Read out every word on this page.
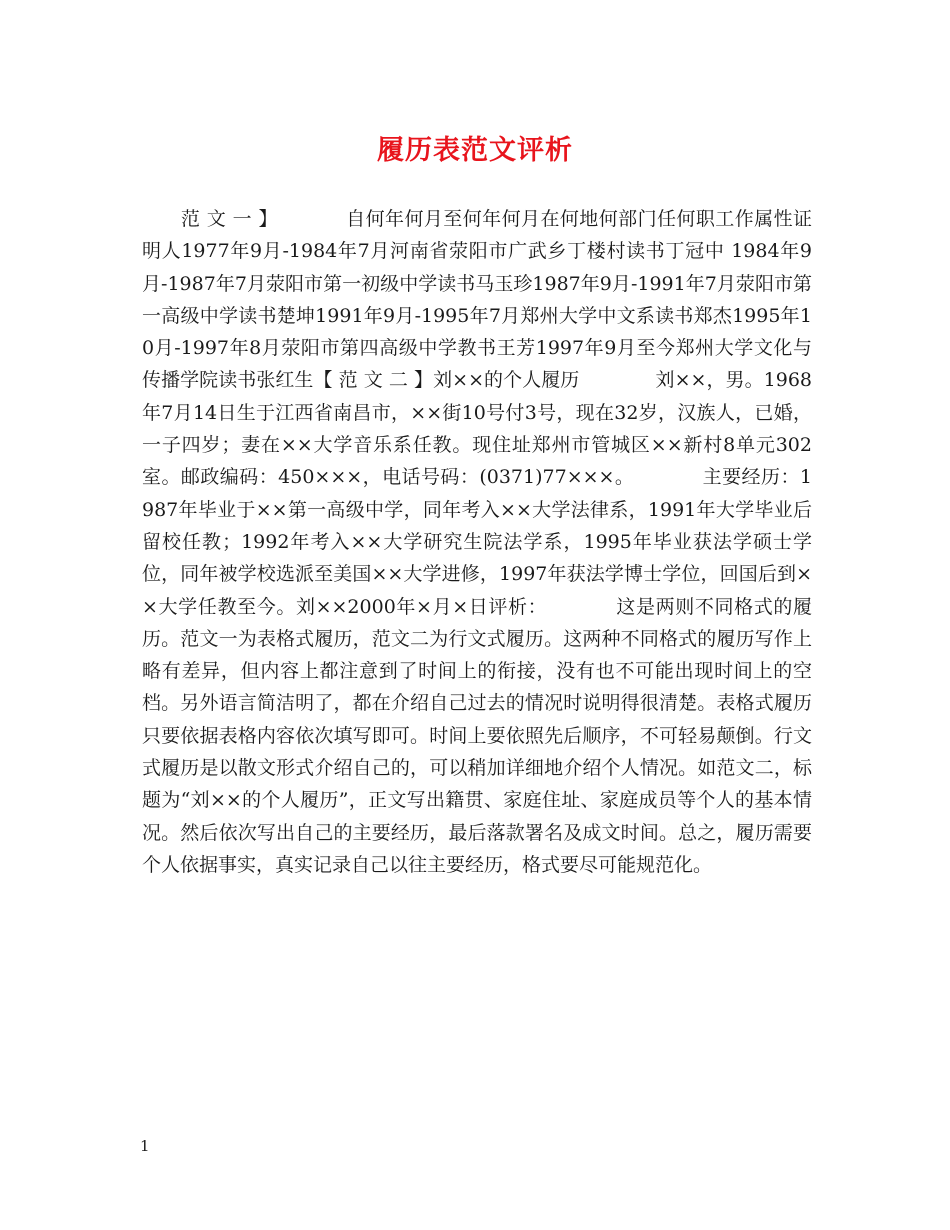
履历表范文评析
　　范 文 一 】　　　　自何年何月至何年何月在何地何部门任何职工作属性证明人1977年9月-1984年7月河南省荥阳市广武乡丁楼村读书丁冠中 1984年9月-1987年7月荥阳市第一初级中学读书马玉珍1987年9月-1991年7月荥阳市第一高级中学读书楚坤1991年9月-1995年7月郑州大学中文系读书郑杰1995年10月-1997年8月荥阳市第四高级中学教书王芳1997年9月至今郑州大学文化与传播学院读书张红生【 范 文 二 】刘××的个人履历　　　　刘××，男。1968年7月14日生于江西省南昌市，××街10号付3号，现在32岁，汉族人，已婚，一子四岁；妻在××大学音乐系任教。现住址郑州市管城区××新村8单元302室。邮政编码：450×××，电话号码：(0371)77×××。　　　　主要经历：1987年毕业于××第一高级中学，同年考入××大学法律系，1991年大学毕业后留校任教；1992年考入××大学研究生院法学系，1995年毕业获法学硕士学位，同年被学校选派至美国××大学进修，1997年获法学博士学位，回国后到××大学任教至今。刘××2000年×月×日评析：　　　　这是两则不同格式的履历。范文一为表格式履历，范文二为行文式履历。这两种不同格式的履历写作上略有差异，但内容上都注意到了时间上的衔接，没有也不可能出现时间上的空档。另外语言简洁明了，都在介绍自己过去的情况时说明得很清楚。表格式履历只要依据表格内容依次填写即可。时间上要依照先后顺序，不可轻易颠倒。行文式履历是以散文形式介绍自己的，可以稍加详细地介绍个人情况。如范文二，标题为“刘××的个人履历”，正文写出籍贯、家庭住址、家庭成员等个人的基本情况。然后依次写出自己的主要经历，最后落款署名及成文时间。总之，履历需要个人依据事实，真实记录自己以往主要经历，格式要尽可能规范化。
1
